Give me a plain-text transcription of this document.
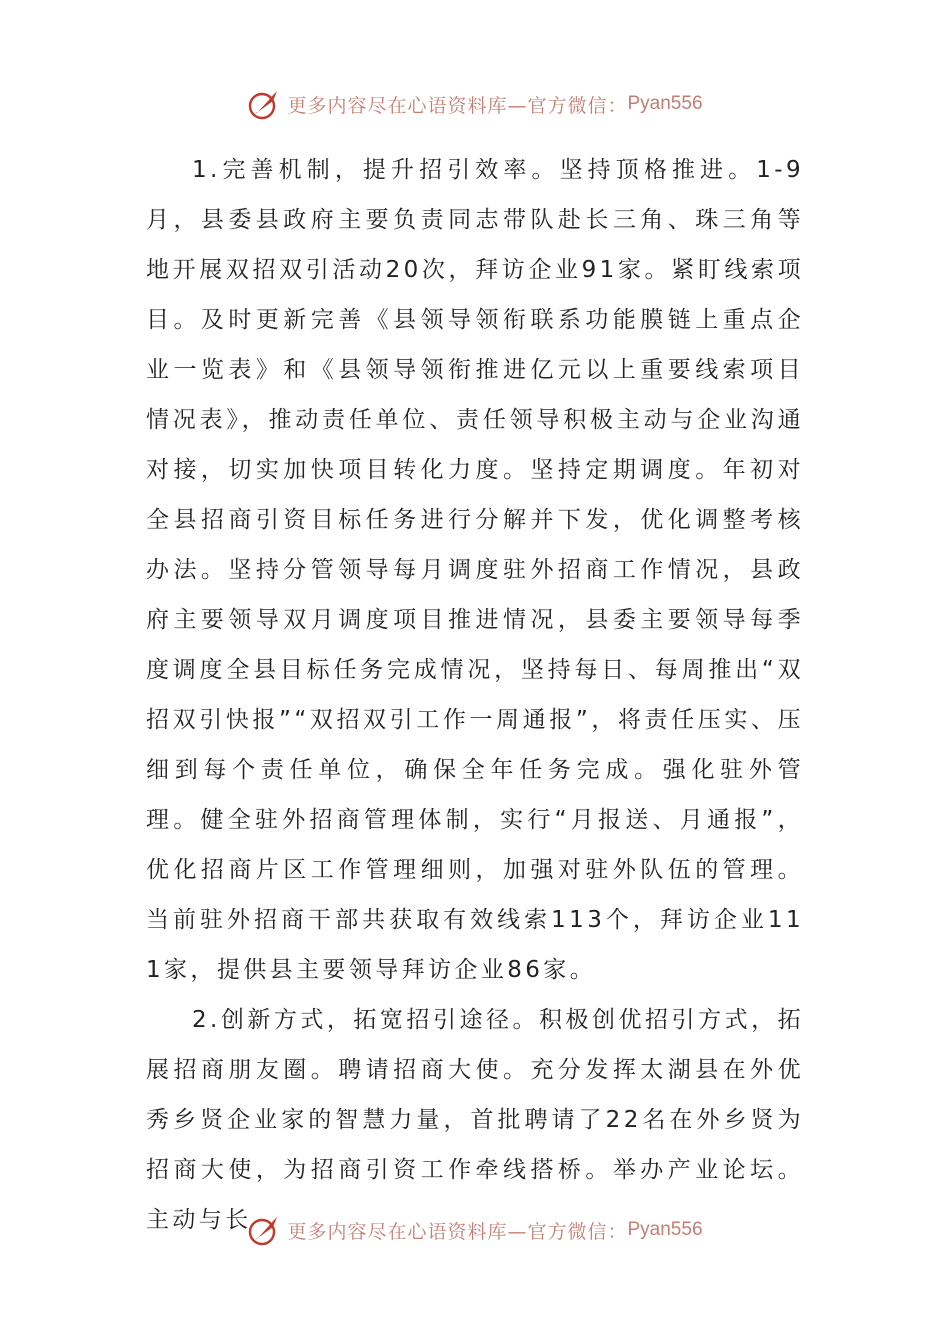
更多内容尽在心语资料库—官方微信： Pyan556

1.完善机制，提升招引效率。坚持顶格推进。1-9月，县委县政府主要负责同志带队赴长三角、珠三角等地开展双招双引活动20次，拜访企业91家。紧盯线索项目。及时更新完善《县领导领衔联系功能膜链上重点企业一览表》和《县领导领衔推进亿元以上重要线索项目情况表》，推动责任单位、责任领导积极主动与企业沟通对接，切实加快项目转化力度。坚持定期调度。年初对全县招商引资目标任务进行分解并下发，优化调整考核办法。坚持分管领导每月调度驻外招商工作情况，县政府主要领导双月调度项目推进情况，县委主要领导每季度调度全县目标任务完成情况，坚持每日、每周推出“双招双引快报”“双招双引工作一周通报”，将责任压实、压细到每个责任单位，确保全年任务完成。强化驻外管理。健全驻外招商管理体制，实行“月报送、月通报”，优化招商片区工作管理细则，加强对驻外队伍的管理。当前驻外招商干部共获取有效线索113个，拜访企业111家，提供县主要领导拜访企业86家。

2.创新方式，拓宽招引途径。积极创优招引方式，拓展招商朋友圈。聘请招商大使。充分发挥太湖县在外优秀乡贤企业家的智慧力量，首批聘请了22名在外乡贤为招商大使，为招商引资工作牵线搭桥。举办产业论坛。主动与长	更多内容尽在心语资料库—官方微信： Pyan556
